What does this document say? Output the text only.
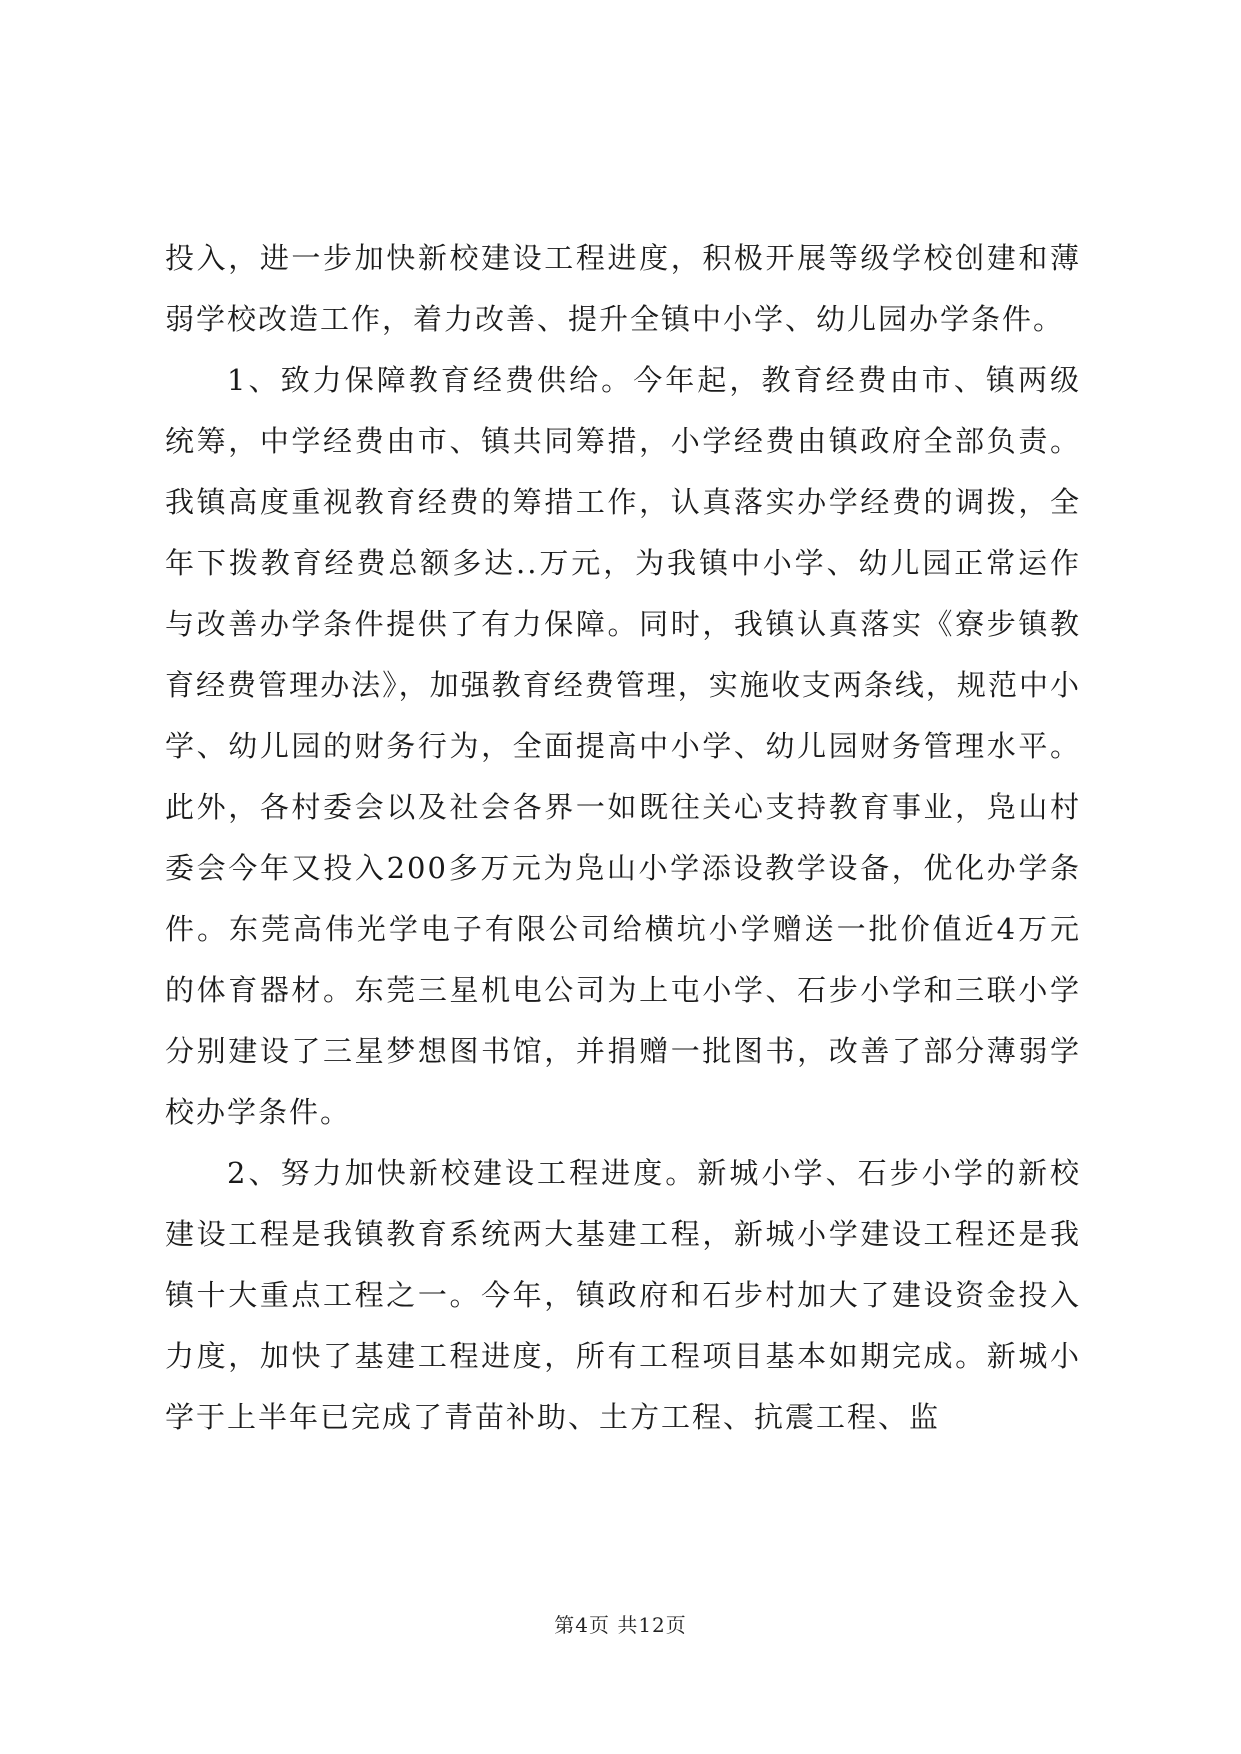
投入，进一步加快新校建设工程进度，积极开展等级学校创建和薄弱学校改造工作，着力改善、提升全镇中小学、幼儿园办学条件。

1、致力保障教育经费供给。今年起，教育经费由市、镇两级统筹，中学经费由市、镇共同筹措，小学经费由镇政府全部负责。我镇高度重视教育经费的筹措工作，认真落实办学经费的调拨，全年下拨教育经费总额多达..万元，为我镇中小学、幼儿园正常运作与改善办学条件提供了有力保障。同时，我镇认真落实《寮步镇教育经费管理办法》，加强教育经费管理，实施收支两条线，规范中小学、幼儿园的财务行为，全面提高中小学、幼儿园财务管理水平。此外，各村委会以及社会各界一如既往关心支持教育事业，凫山村委会今年又投入200多万元为凫山小学添设教学设备，优化办学条件。东莞高伟光学电子有限公司给横坑小学赠送一批价值近4万元的体育器材。东莞三星机电公司为上屯小学、石步小学和三联小学分别建设了三星梦想图书馆，并捐赠一批图书，改善了部分薄弱学校办学条件。

2、努力加快新校建设工程进度。新城小学、石步小学的新校建设工程是我镇教育系统两大基建工程，新城小学建设工程还是我镇十大重点工程之一。今年，镇政府和石步村加大了建设资金投入力度，加快了基建工程进度，所有工程项目基本如期完成。新城小学于上半年已完成了青苗补助、土方工程、抗震工程、监

第4页 共12页
